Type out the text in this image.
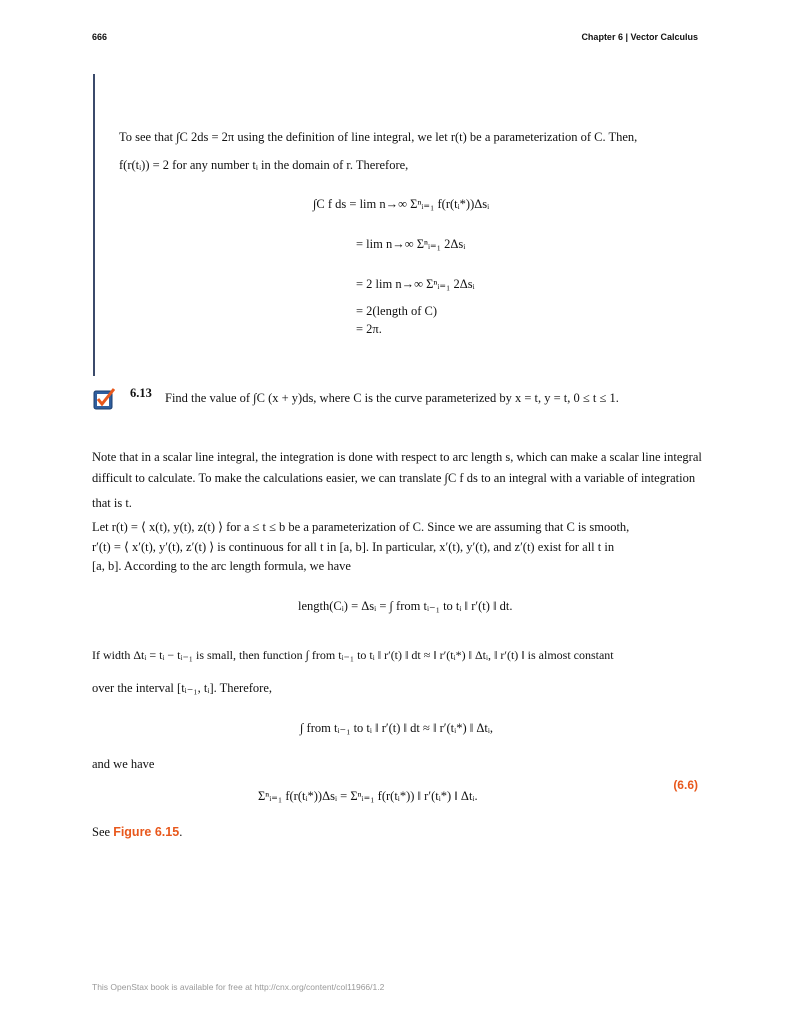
666	Chapter 6 | Vector Calculus
To see that ∫C 2ds = 2π using the definition of line integral, we let r(t) be a parameterization of C. Then,
f(r(tᵢ)) = 2 for any number tᵢ in the domain of r. Therefore,
∫C f ds = lim n→∞ Σⁿᵢ₌₁ f(r(tᵢ*))Δsᵢ
= lim n→∞ Σⁿᵢ₌₁ 2Δsᵢ
= 2 lim n→∞ Σⁿᵢ₌₁ 2Δsᵢ
= 2(length of C)
= 2π.
6.13 Find the value of ∫C (x + y)ds, where C is the curve parameterized by x = t, y = t, 0 ≤ t ≤ 1.
Note that in a scalar line integral, the integration is done with respect to arc length s, which can make a scalar line integral
difficult to calculate. To make the calculations easier, we can translate ∫C f ds to an integral with a variable of integration
that is t.
Let r(t) = ⟨ x(t), y(t), z(t) ⟩ for a ≤ t ≤ b be a parameterization of C. Since we are assuming that C is smooth,
r′(t) = ⟨ x′(t), y′(t), z′(t) ⟩ is continuous for all t in [a, b]. In particular, x′(t), y′(t), and z′(t) exist for all t in
[a, b]. According to the arc length formula, we have
length(Cᵢ) = Δsᵢ = ∫ from tᵢ₋₁ to tᵢ ‖ r′(t) ‖ dt.
If width Δtᵢ = tᵢ − tᵢ₋₁ is small, then function ∫ from tᵢ₋₁ to tᵢ ‖ r′(t) ‖ dt ≈ ‖ r′(tᵢ*) ‖ Δtᵢ, ‖ r′(t) ‖ is almost constant
over the interval [tᵢ₋₁, tᵢ]. Therefore,
∫ from tᵢ₋₁ to tᵢ ‖ r′(t) ‖ dt ≈ ‖ r′(tᵢ*) ‖ Δtᵢ,
and we have
Σⁿᵢ₌₁ f(r(tᵢ*))Δsᵢ = Σⁿᵢ₌₁ f(r(tᵢ*)) ‖ r′(tᵢ*) ‖ Δtᵢ.
(6.6)
See Figure 6.15.
This OpenStax book is available for free at http://cnx.org/content/col11966/1.2
